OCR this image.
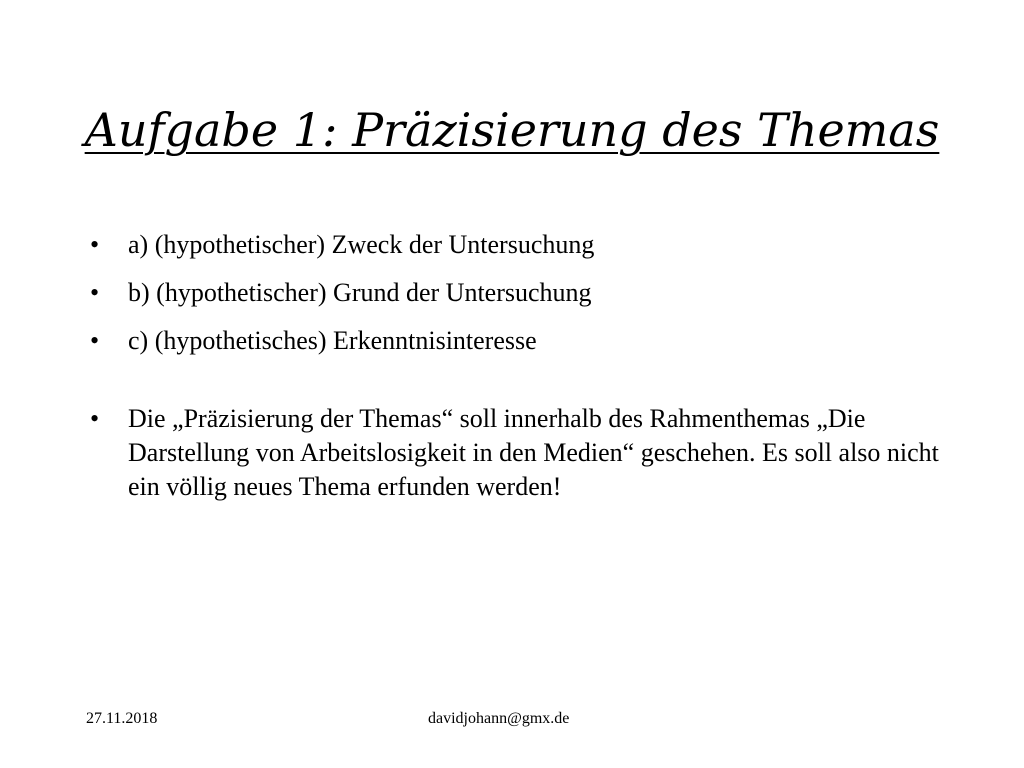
Aufgabe 1: Präzisierung des Themas
•	a) (hypothetischer) Zweck der Untersuchung
•	b) (hypothetischer) Grund der Untersuchung
•	c) (hypothetisches) Erkenntnisinteresse
•	Die „Präzisierung der Themas“ soll innerhalb des Rahmenthemas „Die Darstellung von Arbeitslosigkeit in den Medien“ geschehen. Es soll also nicht ein völlig neues Thema erfunden werden!
27.11.2018	davidjohann@gmx.de
